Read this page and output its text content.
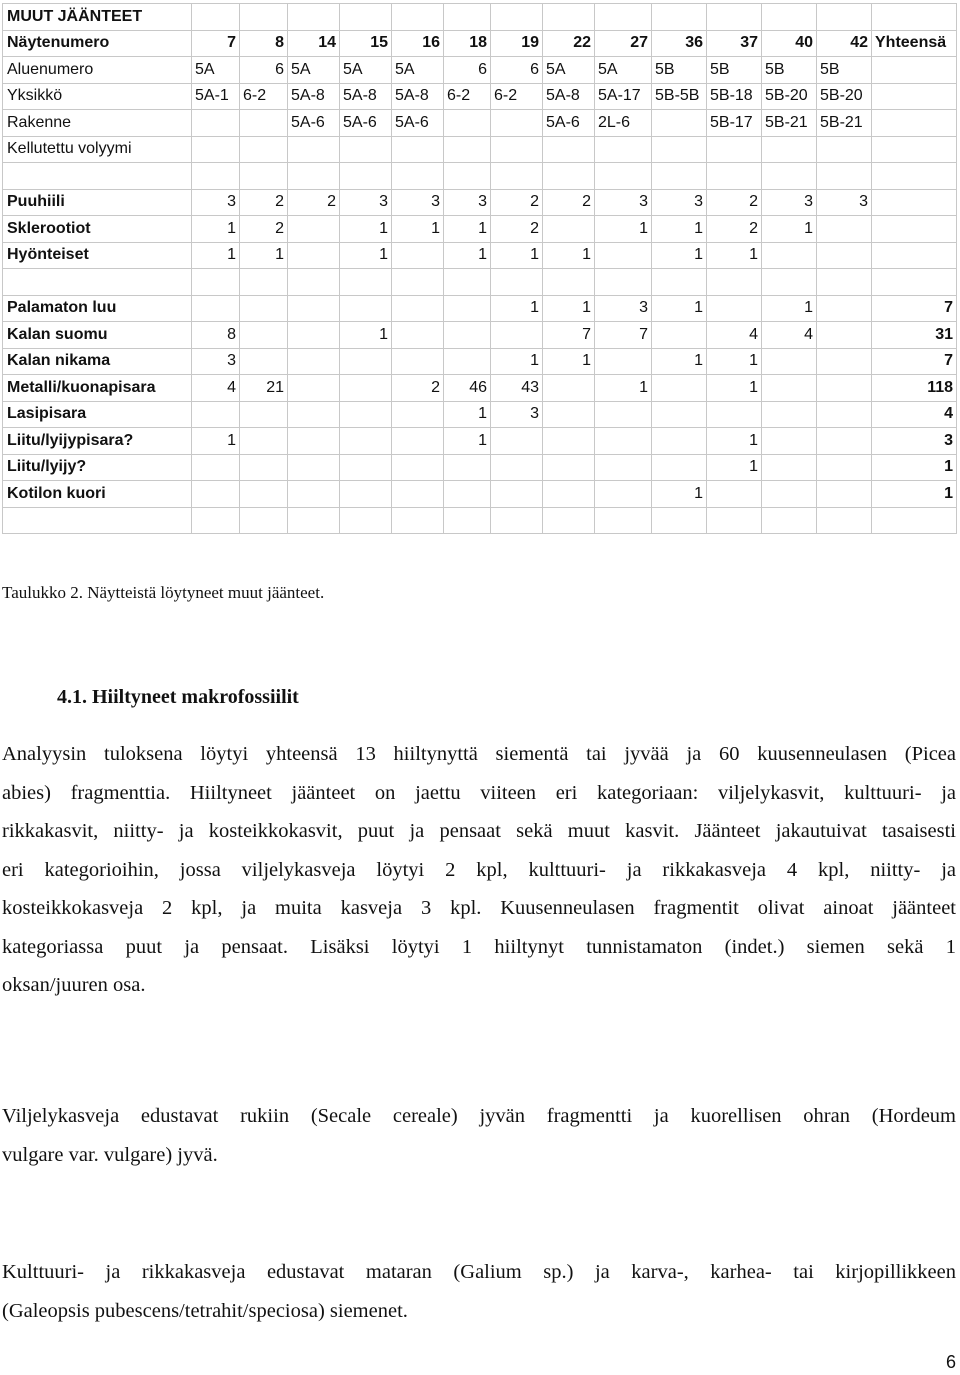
MUUT JÄÄNTEET														
Näytenumero	7	8	14	15	16	18	19	22	27	36	37	40	42	Yhteensä
Aluenumero	5A	6	5A	5A	5A	6	6	5A	5A	5B	5B	5B	5B	
Yksikkö	5A-1	6-2	5A-8	5A-8	5A-8	6-2	6-2	5A-8	5A-17	5B-5B	5B-18	5B-20	5B-20	
Rakenne			5A-6	5A-6	5A-6			5A-6	2L-6		5B-17	5B-21	5B-21	
Kellutettu volyymi														

Puuhiili	3	2	2	3	3	3	2	2	3	3	2	3	3	
Sklerootiot	1	2		1	1	1	2		1	1	2	1		
Hyönteiset	1	1		1		1	1	1		1	1			

Palamaton luu							1	1	3	1		1		7
Kalan suomu	8			1				7	7		4	4		31
Kalan nikama	3						1	1		1	1			7
Metalli/kuonapisara	4	21			2	46	43		1		1			118
Lasipisara						1	3							4
Liitu/lyijypisara?	1					1					1			3
Liitu/lyijy?											1			1
Kotilon kuori										1				1

Taulukko 2. Näytteistä löytyneet muut jäänteet.
4.1. Hiiltyneet makrofossiilit
Analyysin tuloksena löytyi yhteensä 13 hiiltynyttä siementä tai jyvää ja 60 kuusenneulasen (Picea
abies) fragmenttia. Hiiltyneet jäänteet on jaettu viiteen eri kategoriaan: viljelykasvit, kulttuuri- ja
rikkakasvit, niitty- ja kosteikkokasvit, puut ja pensaat sekä muut kasvit. Jäänteet jakautuivat tasaisesti
eri kategorioihin, jossa viljelykasveja löytyi 2 kpl, kulttuuri- ja rikkakasveja 4 kpl, niitty- ja
kosteikkokasveja 2 kpl, ja muita kasveja 3 kpl. Kuusenneulasen fragmentit olivat ainoat jäänteet
kategoriassa puut ja pensaat. Lisäksi löytyi 1 hiiltynyt tunnistamaton (indet.) siemen sekä 1
oksan/juuren osa.
Viljelykasveja edustavat rukiin (Secale cereale) jyvän fragmentti ja kuorellisen ohran (Hordeum
vulgare var. vulgare) jyvä.
Kulttuuri- ja rikkakasveja edustavat mataran (Galium sp.) ja karva-, karhea- tai kirjopillikkeen
(Galeopsis pubescens/tetrahit/speciosa) siemenet.
6
